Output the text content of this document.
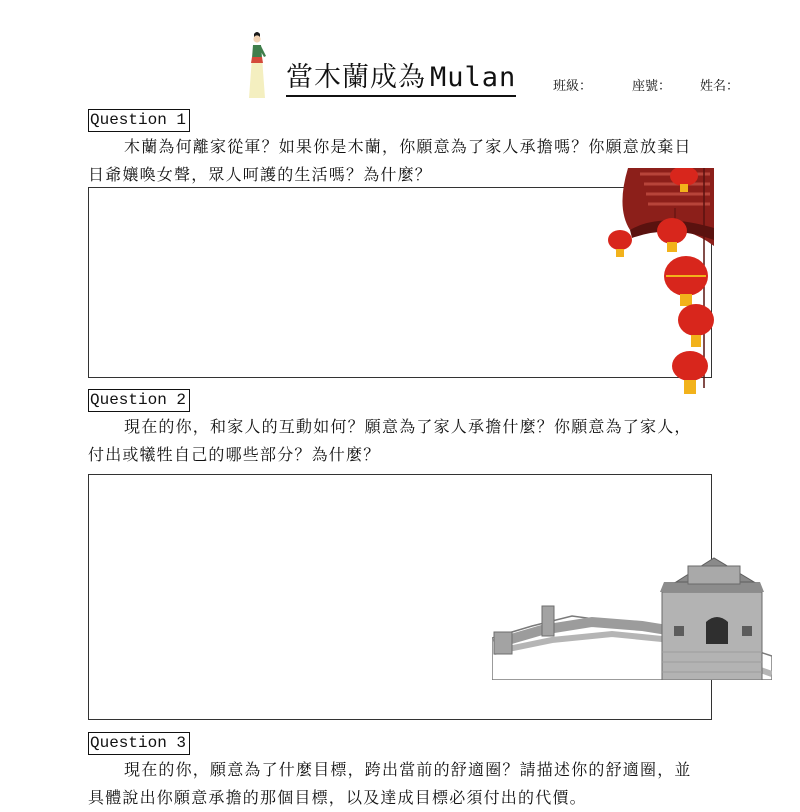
當木蘭成為 Mulan	班級：	座號： 姓名：
Question 1

木蘭為何離家從軍？如果你是木蘭，你願意為了家人承擔嗎？你願意放棄日日爺孃喚女聲，眾人呵護的生活嗎？為什麼？

Question 2

現在的你，和家人的互動如何？願意為了家人承擔什麼？你願意為了家人，付出或犧牲自己的哪些部分？為什麼？

Question 3

現在的你，願意為了什麼目標，跨出當前的舒適圈？請描述你的舒適圈，並具體說出你願意承擔的那個目標，以及達成目標必須付出的代價。
